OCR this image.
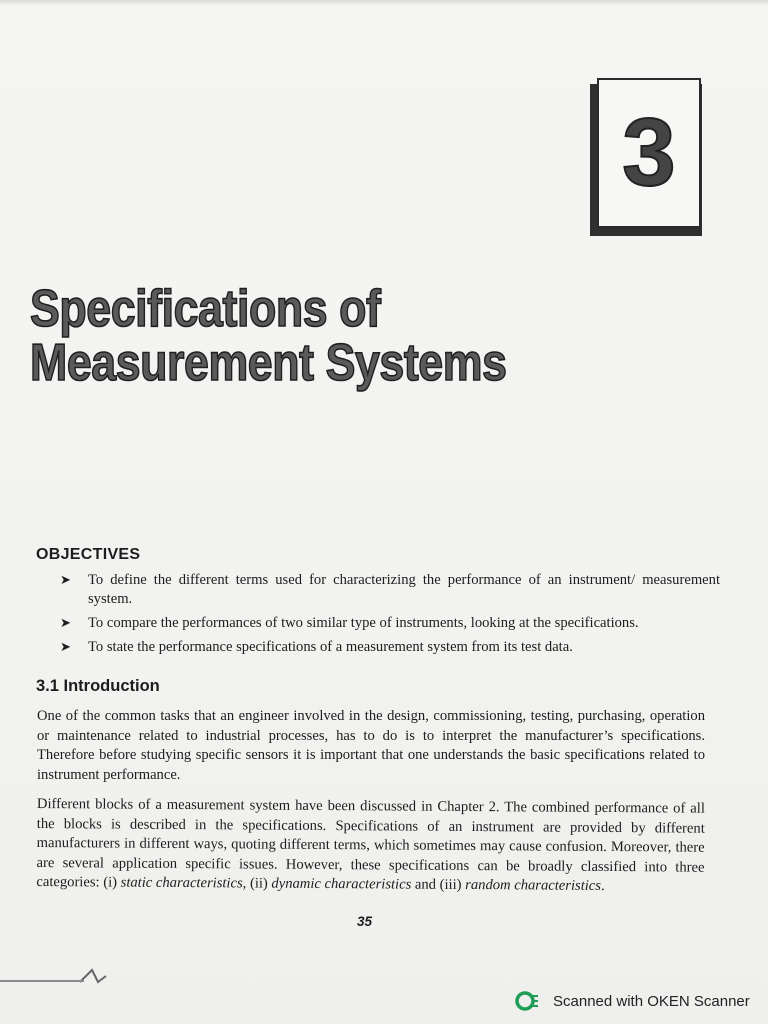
3
Specifications of
Measurement Systems
OBJECTIVES
➤ To define the different terms used for characterizing the performance of an instrument/ measurement system.
➤ To compare the performances of two similar type of instruments, looking at the specifications.
➤ To state the performance specifications of a measurement system from its test data.
3.1 Introduction

One of the common tasks that an engineer involved in the design, commissioning, testing, purchasing, operation or maintenance related to industrial processes, has to do is to interpret the manufacturer’s specifications. Therefore before studying specific sensors it is important that one understands the basic specifications related to instrument performance.

Different blocks of a measurement system have been discussed in Chapter 2. The combined performance of all the blocks is described in the specifications. Specifications of an instrument are provided by different manufacturers in different ways, quoting different terms, which sometimes may cause confusion. Moreover, there are several application specific issues. However, these specifications can be broadly classified into three categories: (i) static characteristics, (ii) dynamic characteristics and (iii) random characteristics.

35
Scanned with OKEN Scanner
